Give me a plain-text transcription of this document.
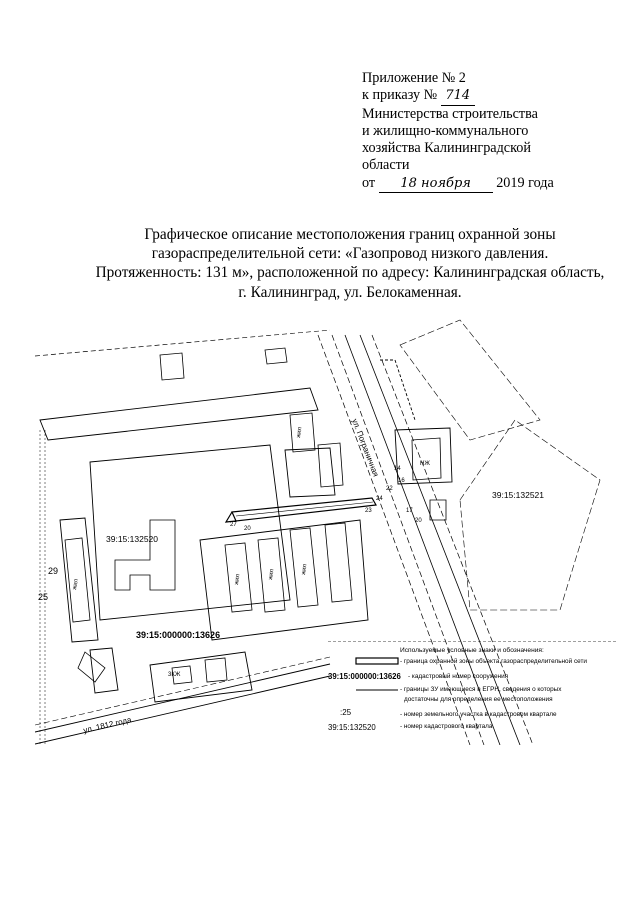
Приложение № 2
к приказу № 714
Министерства строительства
и жилищно-коммунального
хозяйства Калининградской
области
от 18 ноября 2019 года
Графическое описание местоположения границ охранной зоны
газораспределительной сети: «Газопровод низкого давления.
Протяженность: 131 м», расположенной по адресу: Калининградская область,
г. Калининград, ул. Белокаменная.
ул. Пограничная
ул. 1812 года
39:15:132520
39:15:132521
39:15:000000:13626
29
25
27
20
23
24
22
16
14
17
20
жил	жил	жил	жил
жил
НЖ
3КЖ
Используемые условные знаки и обозначения:
- граница охранной зоны объекта газораспределительной сети
39:15:000000:13626 - кадастровый номер сооружения
- границы ЗУ имеющиеся в ЕГРН, сведения о которых
достаточны для определения ее местоположения
:25	- номер земельного участка в кадастровом квартале
39:15:132520	- номер кадастрового квартала
